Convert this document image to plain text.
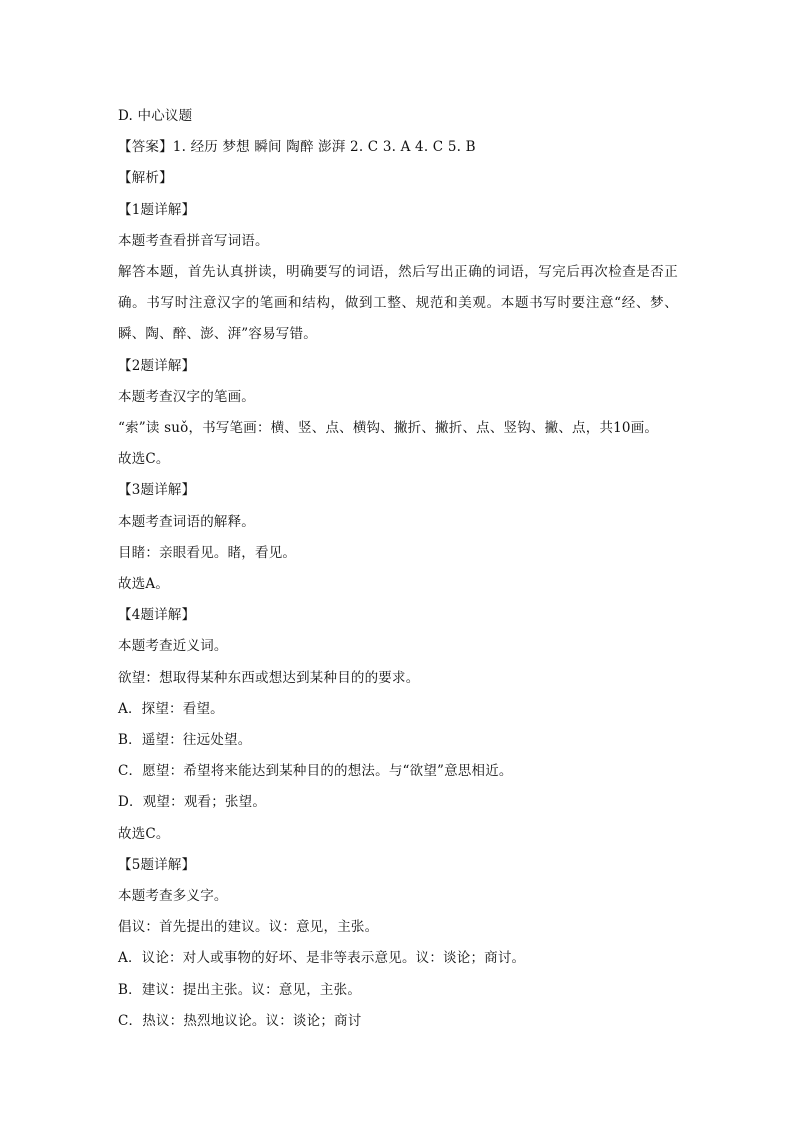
D. 中心议题
【答案】1. 经历 梦想 瞬间 陶醉 澎湃 2. C 3. A 4. C 5. B
【解析】
【1题详解】
本题考查看拼音写词语。
解答本题，首先认真拼读，明确要写的词语，然后写出正确的词语，写完后再次检查是否正确。书写时注意汉字的笔画和结构，做到工整、规范和美观。本题书写时要注意“经、梦、瞬、陶、醉、澎、湃”容易写错。
【2题详解】
本题考查汉字的笔画。
“索”读 suǒ，书写笔画：横、竖、点、横钩、撇折、撇折、点、竖钩、撇、点，共10画。
故选C。
【3题详解】
本题考查词语的解释。
目睹：亲眼看见。睹，看见。
故选A。
【4题详解】
本题考查近义词。
欲望：想取得某种东西或想达到某种目的的要求。
A．探望：看望。
B．遥望：往远处望。
C．愿望：希望将来能达到某种目的的想法。与“欲望”意思相近。
D．观望：观看；张望。
故选C。
【5题详解】
本题考查多义字。
倡议：首先提出的建议。议：意见，主张。
A．议论：对人或事物的好坏、是非等表示意见。议：谈论；商讨。
B．建议：提出主张。议：意见，主张。
C．热议：热烈地议论。议：谈论；商讨
